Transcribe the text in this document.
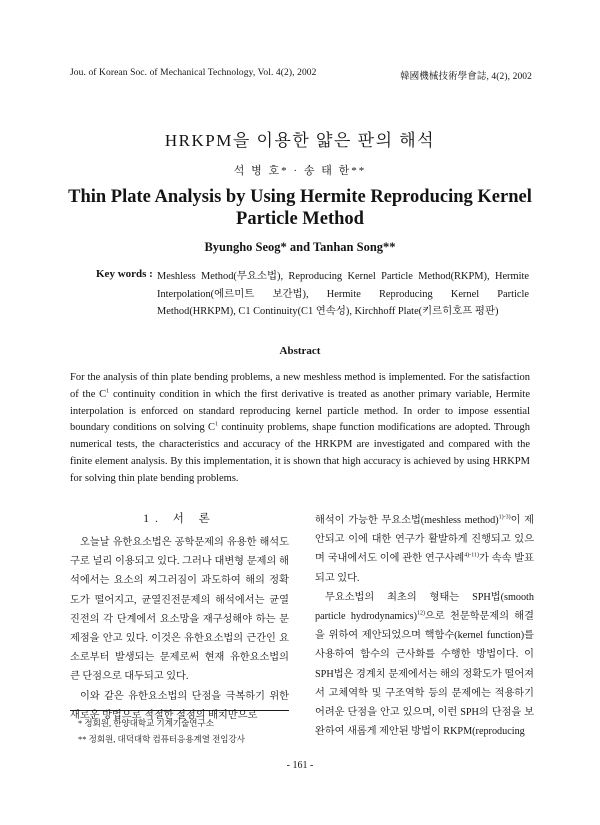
Jou. of Korean Soc. of Mechanical Technology, Vol. 4(2), 2002	韓國機械技術學會誌, 4(2), 2002
HRKPM을 이용한 얇은 판의 해석
석 병 호* · 송 태 한**
Thin Plate Analysis by Using Hermite Reproducing Kernel Particle Method
Byungho Seog* and Tanhan Song**
Key words : Meshless Method(무요소법), Reproducing Kernel Particle Method(RKPM), Hermite Interpolation(에르미트 보간법), Hermite Reproducing Kernel Particle Method(HRKPM), C1 Continuity(C1 연속성), Kirchhoff Plate(키르히호프 평판)
Abstract
For the analysis of thin plate bending problems, a new meshless method is implemented. For the satisfaction of the $C^1$ continuity condition in which the first derivative is treated as another primary variable, Hermite interpolation is enforced on standard reproducing kernel particle method. In order to impose essential boundary conditions on solving $C^1$ continuity problems, shape function modifications are adopted. Through numerical tests, the characteristics and accuracy of the HRKPM are investigated and compared with the finite element analysis. By this implementation, it is shown that high accuracy is achieved by using HRKPM for solving thin plate bending problems.
1. 서 론

오늘날 유한요소법은 공학문제의 유용한 해석도구로 널리 이용되고 있다. 그러나 대변형 문제의 해석에서는 요소의 찌그러짐이 과도하여 해의 정확도가 떨어지고, 균열진전문제의 해석에서는 균열진전의 각 단계에서 요소망을 재구성해야 하는 문제점을 안고 있다. 이것은 유한요소법의 근간인 요소로부터 발생되는 문제로써 현재 유한요소법의 큰 단점으로 대두되고 있다.

이와 같은 유한요소법의 단점을 극복하기 위한 새로운 방법으로 적절한 절점의 배치만으로

해석이 가능한 무요소법(meshless method)$^{1)-3)}$이 제안되고 이에 대한 연구가 활발하게 진행되고 있으며 국내에서도 이에 관한 연구사례$^{4)-11)}$가 속속 발표되고 있다.

무요소법의 최초의 형태는 SPH법(smooth particle hydrodynamics)$^{12)}$으로 천문학문제의 해결을 위하여 제안되었으며 핵함수(kernel function)를 사용하여 함수의 근사화를 수행한 방법이다. 이 SPH법은 경계치 문제에서는 해의 정확도가 떨어져서 고체역학 및 구조역학 등의 문제에는 적용하기 어려운 단점을 안고 있으며, 이런 SPH의 단점을 보완하여 새롭게 제안된 방법이 RKPM(reproducing

* 정회원, 한양대학교 기계기술연구소
** 정회원, 대덕대학 컴퓨터응용계열 전임강사
- 161 -
